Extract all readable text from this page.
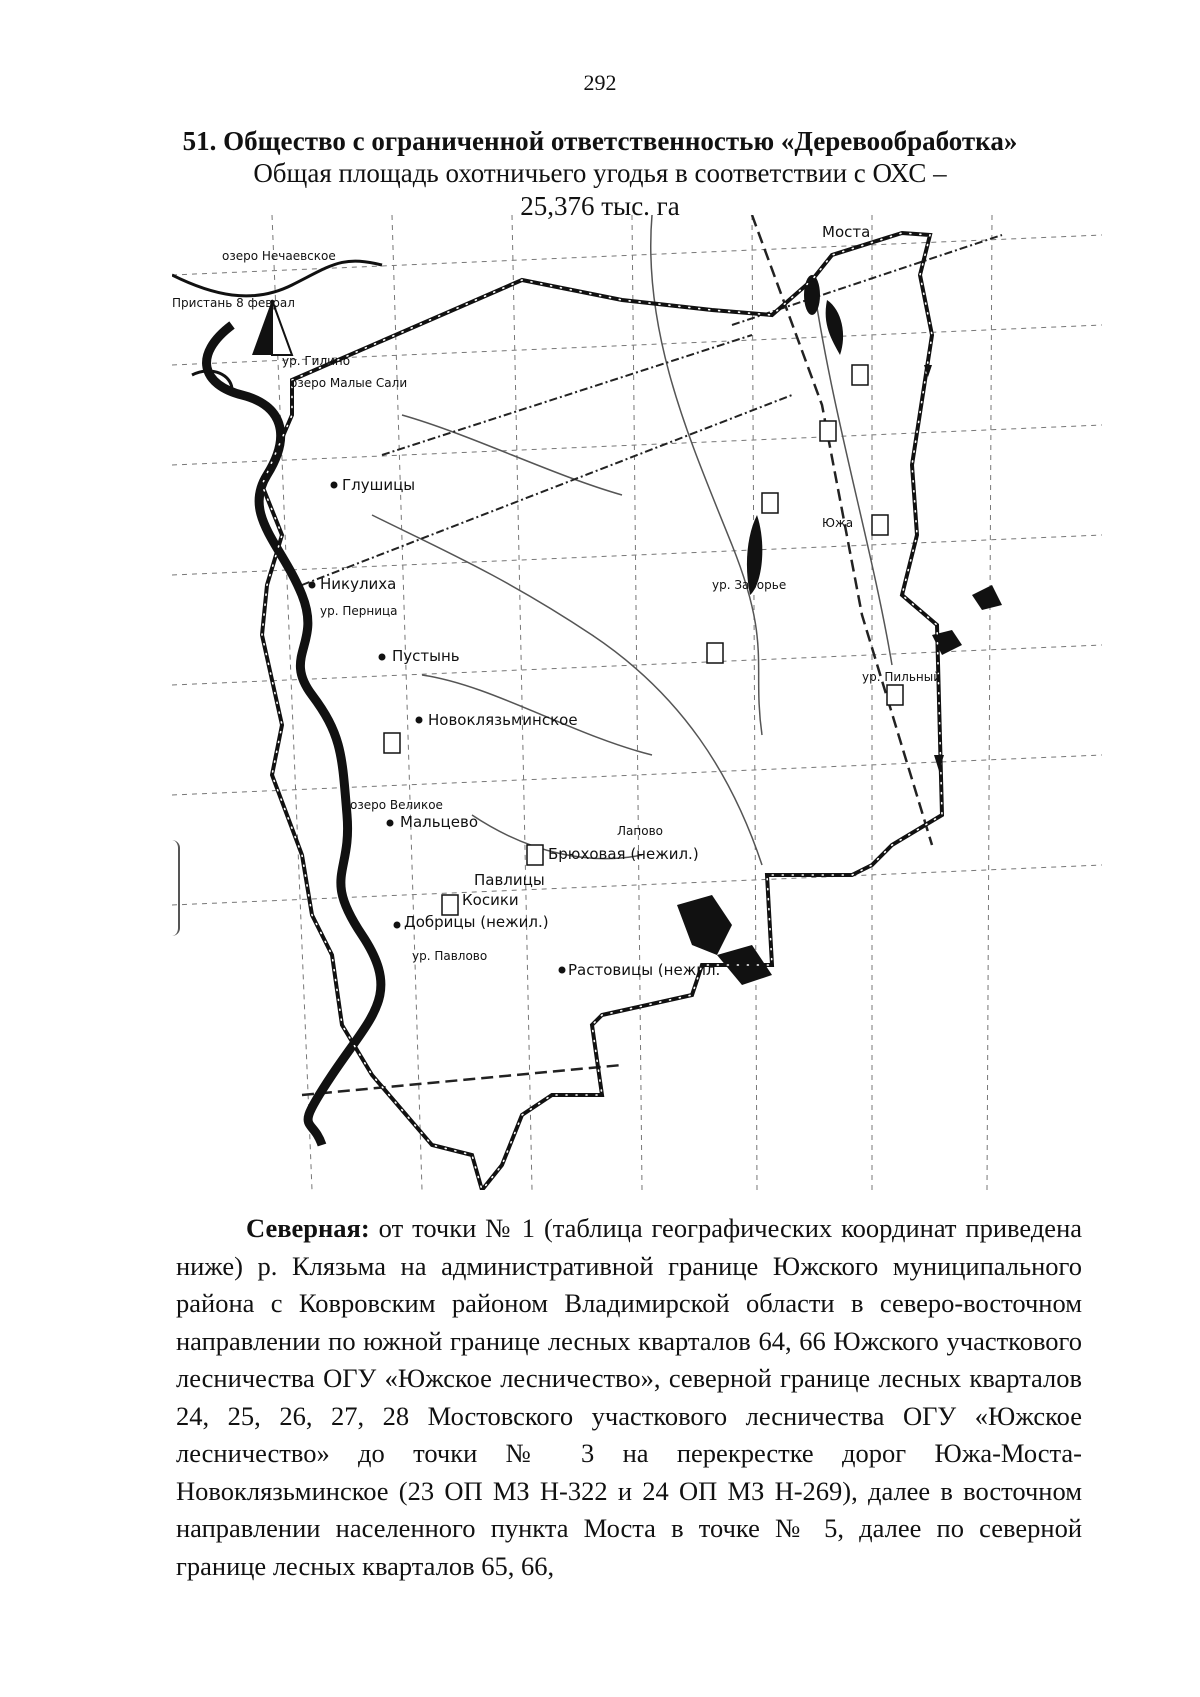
292
51. Общество с ограниченной ответственностью «Деревообработка»
Общая площадь охотничьего угодья в соответствии с ОХС –
25,376 тыс. га
Моста
озеро Нечаевское
Пристань 8 феврал
ур. Гилино
озеро Малые Сали
Глушицы
Южа
ур. Заборье
Никулиха
ур. Перница
Пустынь
ур. Пильный
Новоклязьминское
озеро Великое
Мальцево	Лапово
Брюховая (нежил.)
Павлицы
Косики
Добрицы (нежил.)
ур. Павлово
Растовицы (нежил.
Северная: от точки № 1 (таблица географических координат приведена ниже) р. Клязьма на административной границе Южского муниципального района с Ковровским районом Владимирской области в северо-восточном направлении по южной границе лесных кварталов 64, 66 Южского участкового лесничества ОГУ «Южское лесничество», северной границе лесных кварталов 24, 25, 26, 27, 28 Мостовского участкового лесничества ОГУ «Южское лесничество» до точки № 3 на перекрестке дорог Южа-Моста-Новоклязьминское (23 ОП МЗ Н-322 и 24 ОП МЗ Н-269), далее в восточном направлении населенного пункта Моста в точке № 5, далее по северной границе лесных кварталов 65, 66,
